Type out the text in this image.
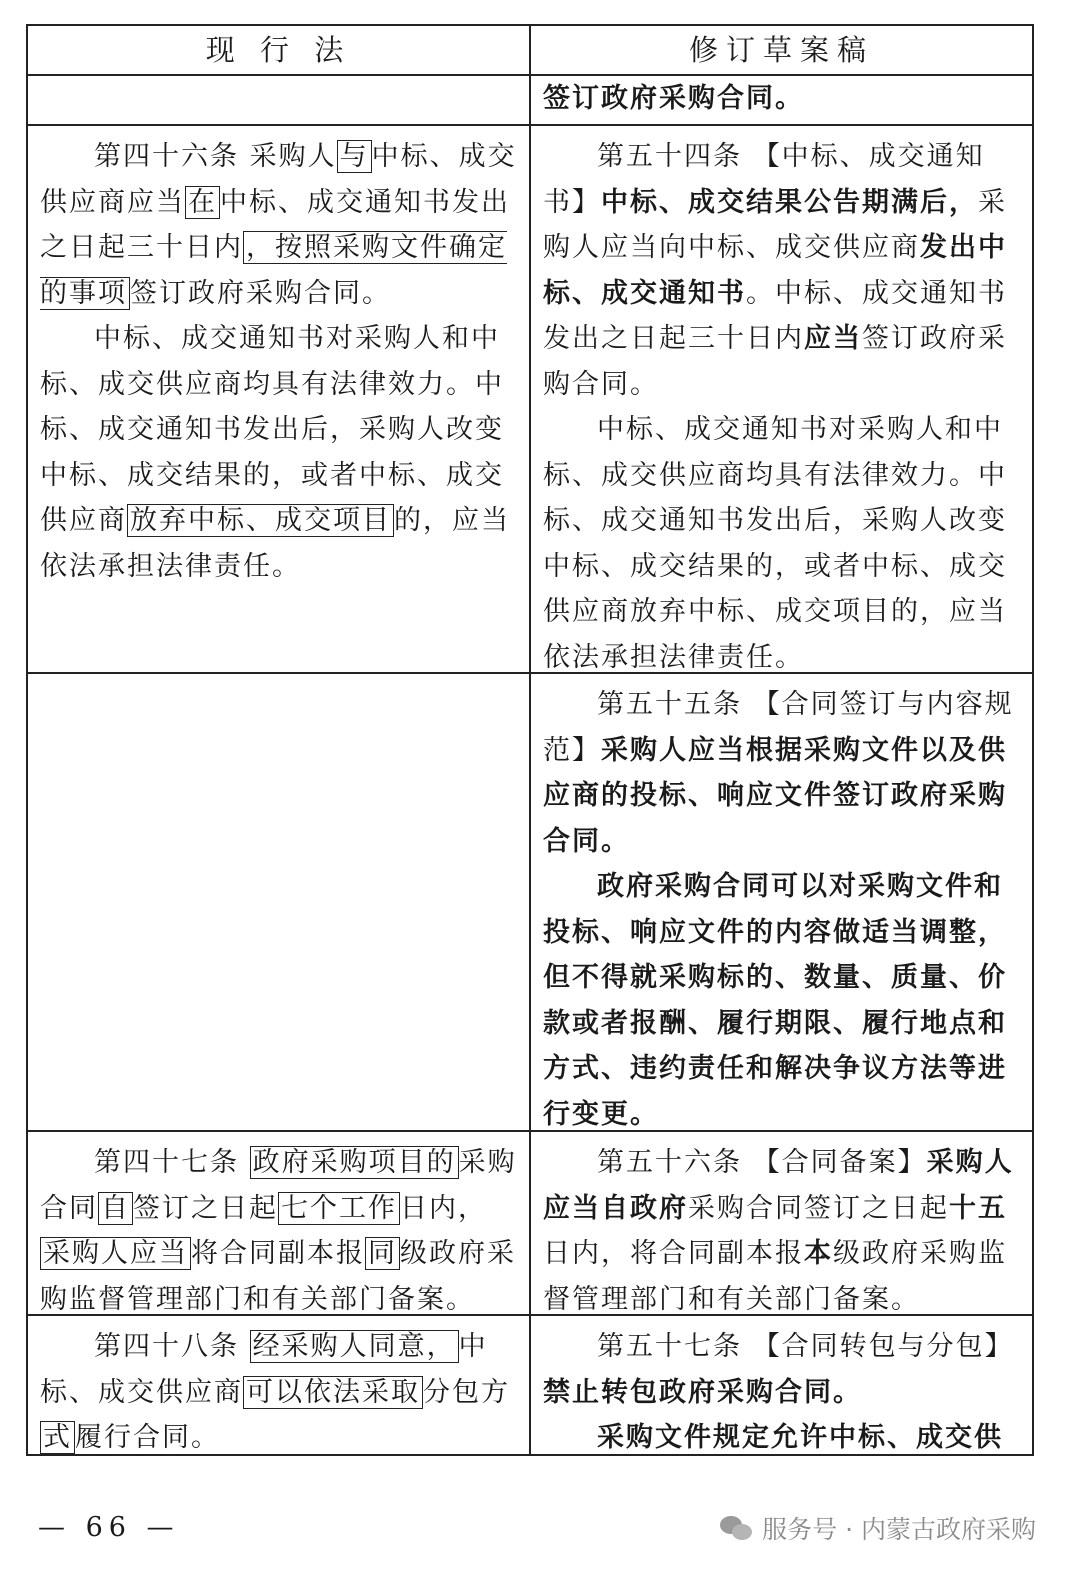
现 行 法	修订草案稿

签订政府采购合同。

第四十六条 采购人 与 中标、成交供应商应当 在 中标、成交通知书发出之日起三十日内 ，按照采购文件确定的事项 签订政府采购合同。

中标、成交通知书对采购人和中标、成交供应商均具有法律效力。中标、成交通知书发出后，采购人改变中标、成交结果的，或者中标、成交供应商 放弃中标、成交项目 的，应当依法承担法律责任。

第五十四条 【中标、成交通知书】中标、成交结果公告期满后，采购人应当向中标、成交供应商发出中标、成交通知书。中标、成交通知书发出之日起三十日内应当签订政府采购合同。

中标、成交通知书对采购人和中标、成交供应商均具有法律效力。中标、成交通知书发出后，采购人改变中标、成交结果的，或者中标、成交供应商放弃中标、成交项目的，应当依法承担法律责任。

第五十五条 【合同签订与内容规范】采购人应当根据采购文件以及供应商的投标、响应文件签订政府采购合同。

政府采购合同可以对采购文件和投标、响应文件的内容做适当调整，但不得就采购标的、数量、质量、价款或者报酬、履行期限、履行地点和方式、违约责任和解决争议方法等进行变更。

第四十七条 政府采购项目的 采购合同 自 签订之日起 七个工作 日内，采购人应当 将合同副本报 同 级政府采购监督管理部门和有关部门备案。

第五十六条 【合同备案】采购人应当自政府采购合同签订之日起十五日内，将合同副本报本级政府采购监督管理部门和有关部门备案。

第四十八条 经采购人同意， 中标、成交供应商 可以依法采取 分包方式 履行合同。

第五十七条 【合同转包与分包】禁止转包政府采购合同。

采购文件规定允许中标、成交供

— 66 —	服务号 · 内蒙古政府采购
